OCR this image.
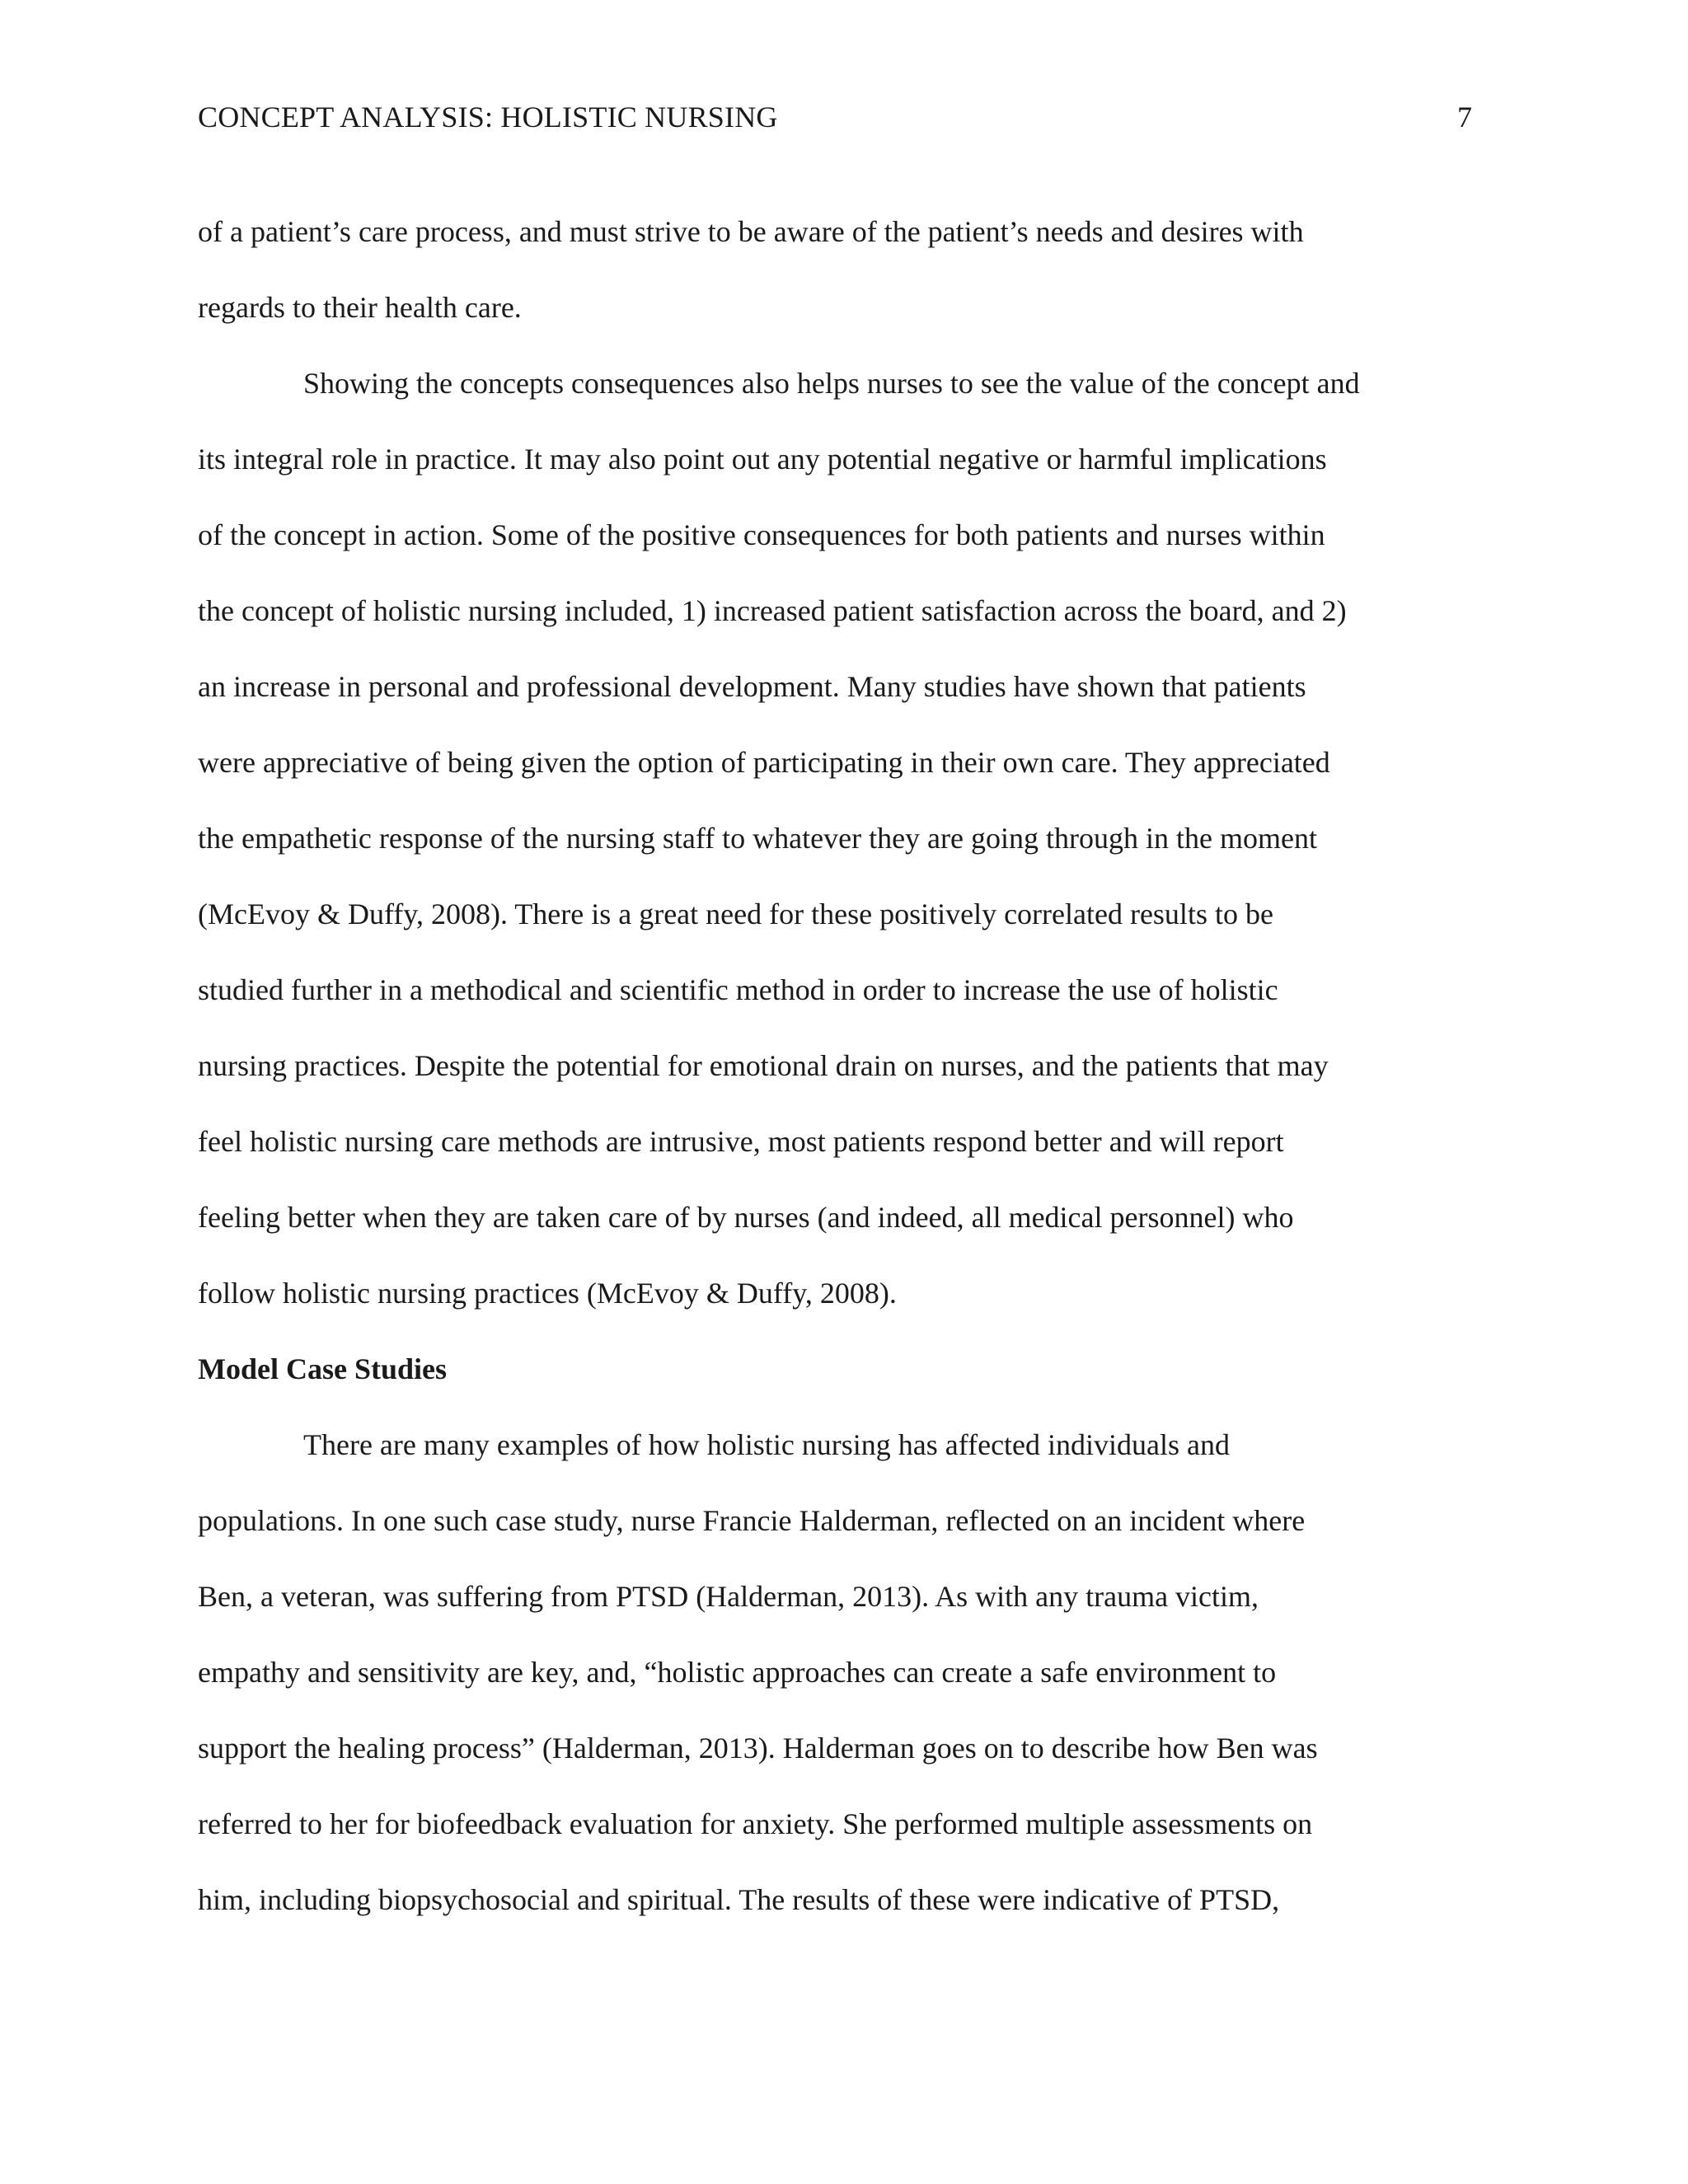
CONCEPT ANALYSIS: HOLISTIC NURSING	7
of a patient’s care process, and must strive to be aware of the patient’s needs and desires with
regards to their health care.
Showing the concepts consequences also helps nurses to see the value of the concept and
its integral role in practice. It may also point out any potential negative or harmful implications
of the concept in action. Some of the positive consequences for both patients and nurses within
the concept of holistic nursing included, 1) increased patient satisfaction across the board, and 2)
an increase in personal and professional development. Many studies have shown that patients
were appreciative of being given the option of participating in their own care. They appreciated
the empathetic response of the nursing staff to whatever they are going through in the moment
(McEvoy & Duffy, 2008). There is a great need for these positively correlated results to be
studied further in a methodical and scientific method in order to increase the use of holistic
nursing practices. Despite the potential for emotional drain on nurses, and the patients that may
feel holistic nursing care methods are intrusive, most patients respond better and will report
feeling better when they are taken care of by nurses (and indeed, all medical personnel) who
follow holistic nursing practices (McEvoy & Duffy, 2008).
Model Case Studies
There are many examples of how holistic nursing has affected individuals and
populations. In one such case study, nurse Francie Halderman, reflected on an incident where
Ben, a veteran, was suffering from PTSD (Halderman, 2013). As with any trauma victim,
empathy and sensitivity are key, and, “holistic approaches can create a safe environment to
support the healing process” (Halderman, 2013). Halderman goes on to describe how Ben was
referred to her for biofeedback evaluation for anxiety. She performed multiple assessments on
him, including biopsychosocial and spiritual. The results of these were indicative of PTSD,
